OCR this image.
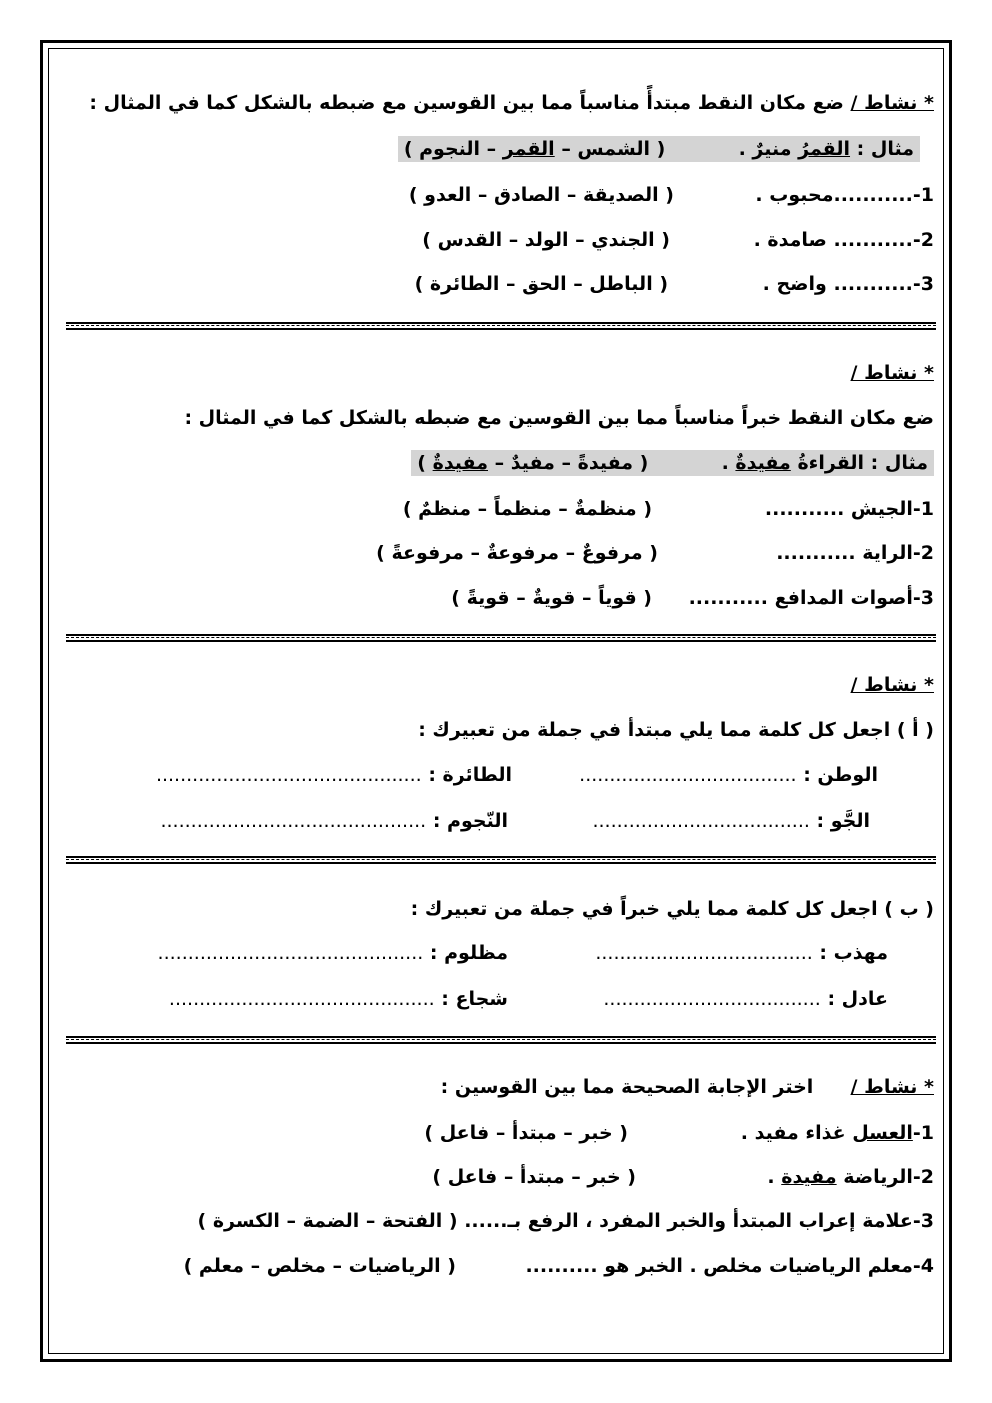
* نشاط / ضع مكان النقط مبتدأً مناسباً مما بين القوسين مع ضبطه بالشكل كما في المثال :
مثال : القمرُ منيرٌ .  ( الشمس – القمر – النجوم )
1-...........محبوب .
( الصديقة – الصادق – العدو )
2-........... صامدة .
( الجندي – الولد – القدس )
3-........... واضح .
( الباطل – الحق – الطائرة )
* نشاط /
ضع مكان النقط خبراً مناسباً مما بين القوسين مع ضبطه بالشكل كما في المثال :
مثال : القراءةُ مفيدةٌ .  ( مفيدةً – مفيدٌ – مفيدةٌ )
1-الجيش ...........
( منظمةٌ – منظماً – منظمٌ )
2-الراية ...........
( مرفوعٌ – مرفوعةٌ – مرفوعةً )
3-أصوات المدافع ...........
( قوياً – قويةٌ – قويةً )
* نشاط /
( أ ) اجعل كل كلمة مما يلي مبتدأ في جملة من تعبيرك :
الوطن : ....................................
الطائرة : ............................................
الجَّو : ....................................
النّجوم : ............................................
( ب ) اجعل كل كلمة مما يلي خبراً في جملة من تعبيرك :
مهذب : ....................................
مظلوم : ............................................
عادل : ....................................
شجاع : ............................................
* نشاط /  اختر الإجابة الصحيحة مما بين القوسين :
1-العسل غذاء مفيد .
( خبر – مبتدأ – فاعل )
2-الرياضة مفيدة .
( خبر – مبتدأ – فاعل )
3-علامة إعراب المبتدأ والخبر المفرد ، الرفع بـ...... ( الفتحة – الضمة – الكسرة )
4-معلم الرياضيات مخلص . الخبر هو ..........
( الرياضيات – مخلص – معلم )
